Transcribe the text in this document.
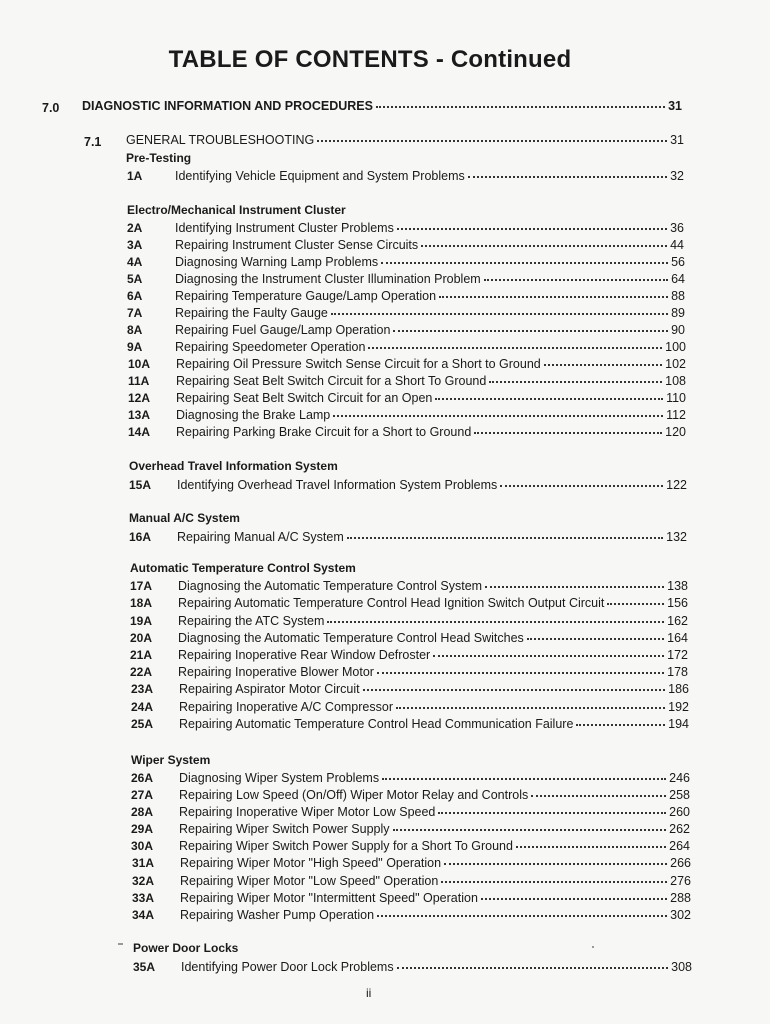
TABLE OF CONTENTS - Continued
7.0 DIAGNOSTIC INFORMATION AND PROCEDURES	31
7.1 GENERAL TROUBLESHOOTING	31
Pre-Testing
1A	Identifying Vehicle Equipment and System Problems	32
Electro/Mechanical Instrument Cluster
2A	Identifying Instrument Cluster Problems	36
3A	Repairing Instrument Cluster Sense Circuits	44
4A	Diagnosing Warning Lamp Problems	56
5A	Diagnosing the Instrument Cluster Illumination Problem	64
6A	Repairing Temperature Gauge/Lamp Operation	88
7A	Repairing the Faulty Gauge	89
8A	Repairing Fuel Gauge/Lamp Operation	90
9A	Repairing Speedometer Operation	100
10A	Repairing Oil Pressure Switch Sense Circuit for a Short to Ground	102
11A	Repairing Seat Belt Switch Circuit for a Short To Ground	108
12A	Repairing Seat Belt Switch Circuit for an Open	110
13A	Diagnosing the Brake Lamp	112
14A	Repairing Parking Brake Circuit for a Short to Ground	120
Overhead Travel Information System
15A	Identifying Overhead Travel Information System Problems	122
Manual A/C System
16A	Repairing Manual A/C System	132
Automatic Temperature Control System
17A	Diagnosing the Automatic Temperature Control System	138
18A	Repairing Automatic Temperature Control Head Ignition Switch Output Circuit	156
19A	Repairing the ATC System	162
20A	Diagnosing the Automatic Temperature Control Head Switches	164
21A	Repairing Inoperative Rear Window Defroster	172
22A	Repairing Inoperative Blower Motor	178
23A	Repairing Aspirator Motor Circuit	186
24A	Repairing Inoperative A/C Compressor	192
25A	Repairing Automatic Temperature Control Head Communication Failure	194
Wiper System
26A	Diagnosing Wiper System Problems	246
27A	Repairing Low Speed (On/Off) Wiper Motor Relay and Controls	258
28A	Repairing Inoperative Wiper Motor Low Speed	260
29A	Repairing Wiper Switch Power Supply	262
30A	Repairing Wiper Switch Power Supply for a Short To Ground	264
31A	Repairing Wiper Motor "High Speed" Operation	266
32A	Repairing Wiper Motor "Low Speed" Operation	276
33A	Repairing Wiper Motor "Intermittent Speed" Operation	288
34A	Repairing Washer Pump Operation	302
Power Door Locks
35A	Identifying Power Door Lock Problems	308
ii
